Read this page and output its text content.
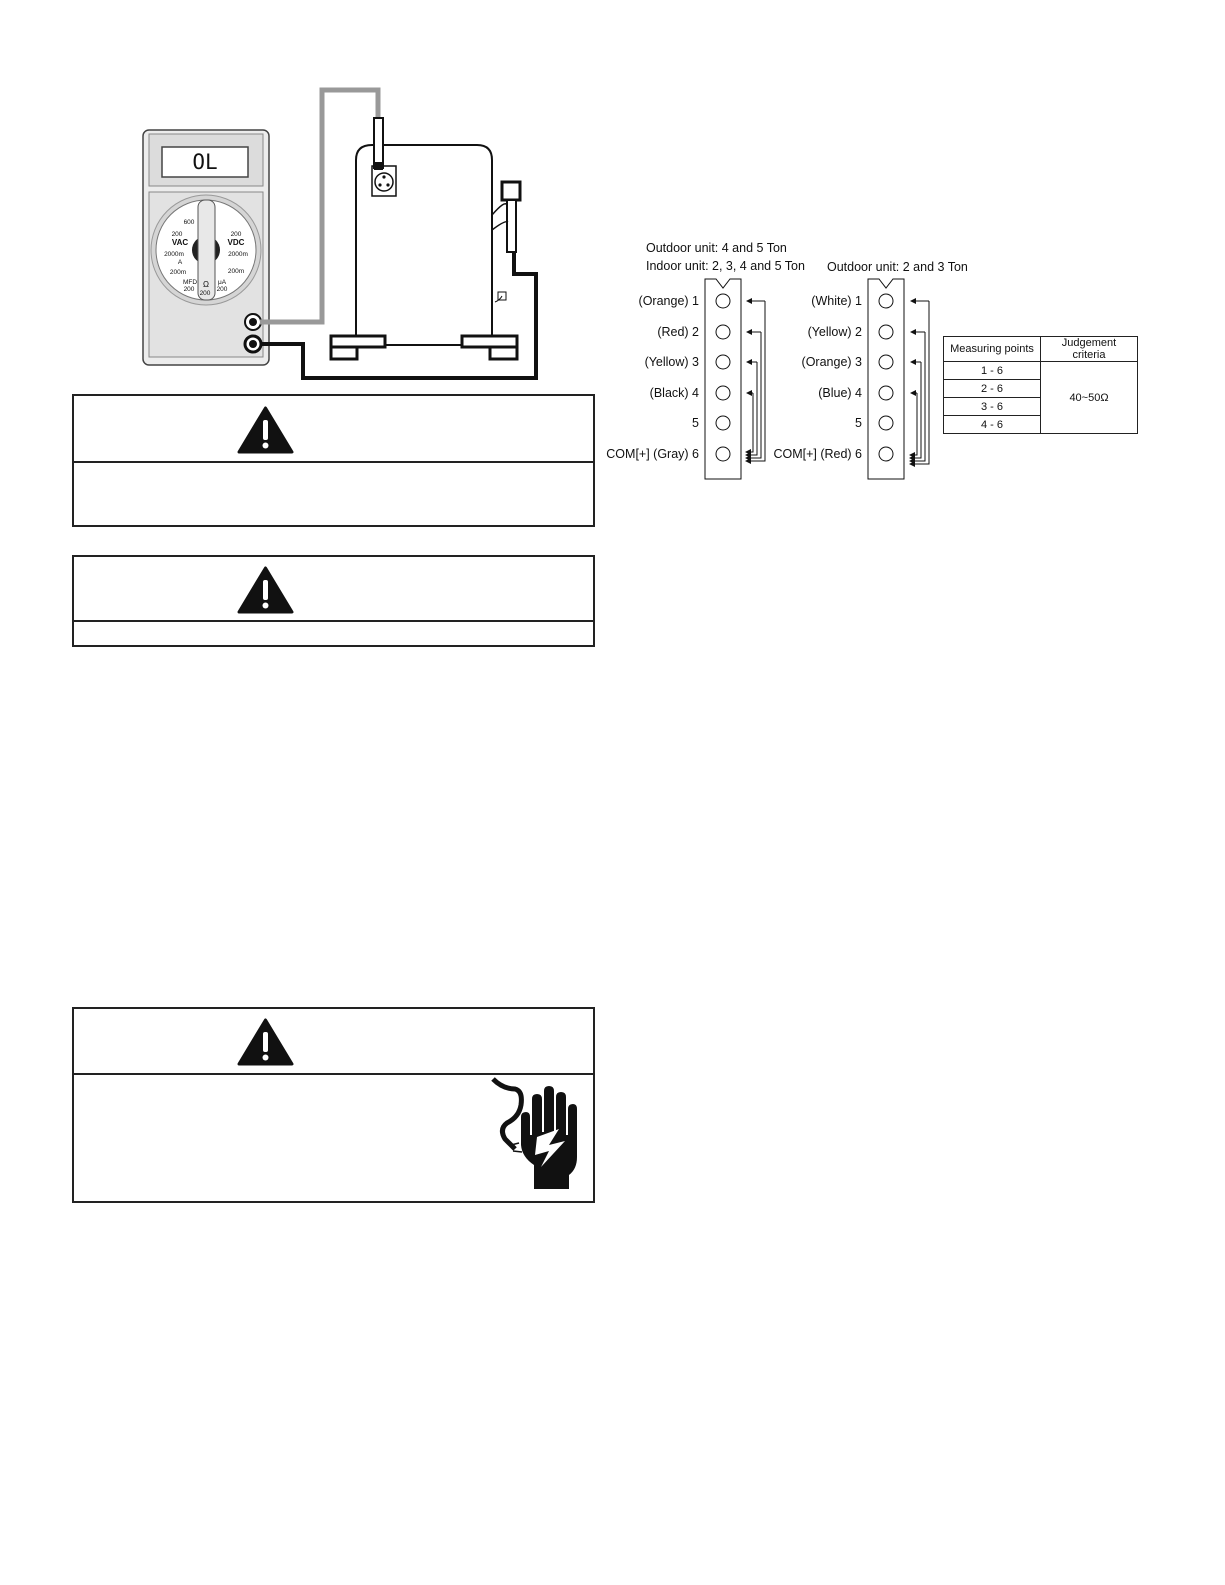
600
200
2000m
A
200m
MFD
200
200
2000m
200m
μA
200
200
VAC	VDC
Ω
OL
Outdoor unit: 4 and 5 Ton
Indoor unit: 2, 3, 4 and 5 Ton Outdoor unit: 2 and 3 Ton
(Orange) 1
(Red) 2
(Yellow) 3
(Black) 4
5
COM[+] (Gray) 6
(White) 1
(Yellow) 2
(Orange) 3
(Blue) 4
5
COM[+] (Red) 6
Measuring points	Judgement criteria
1 - 6	40~50Ω
2 - 6	
3 - 6	
4 - 6	
